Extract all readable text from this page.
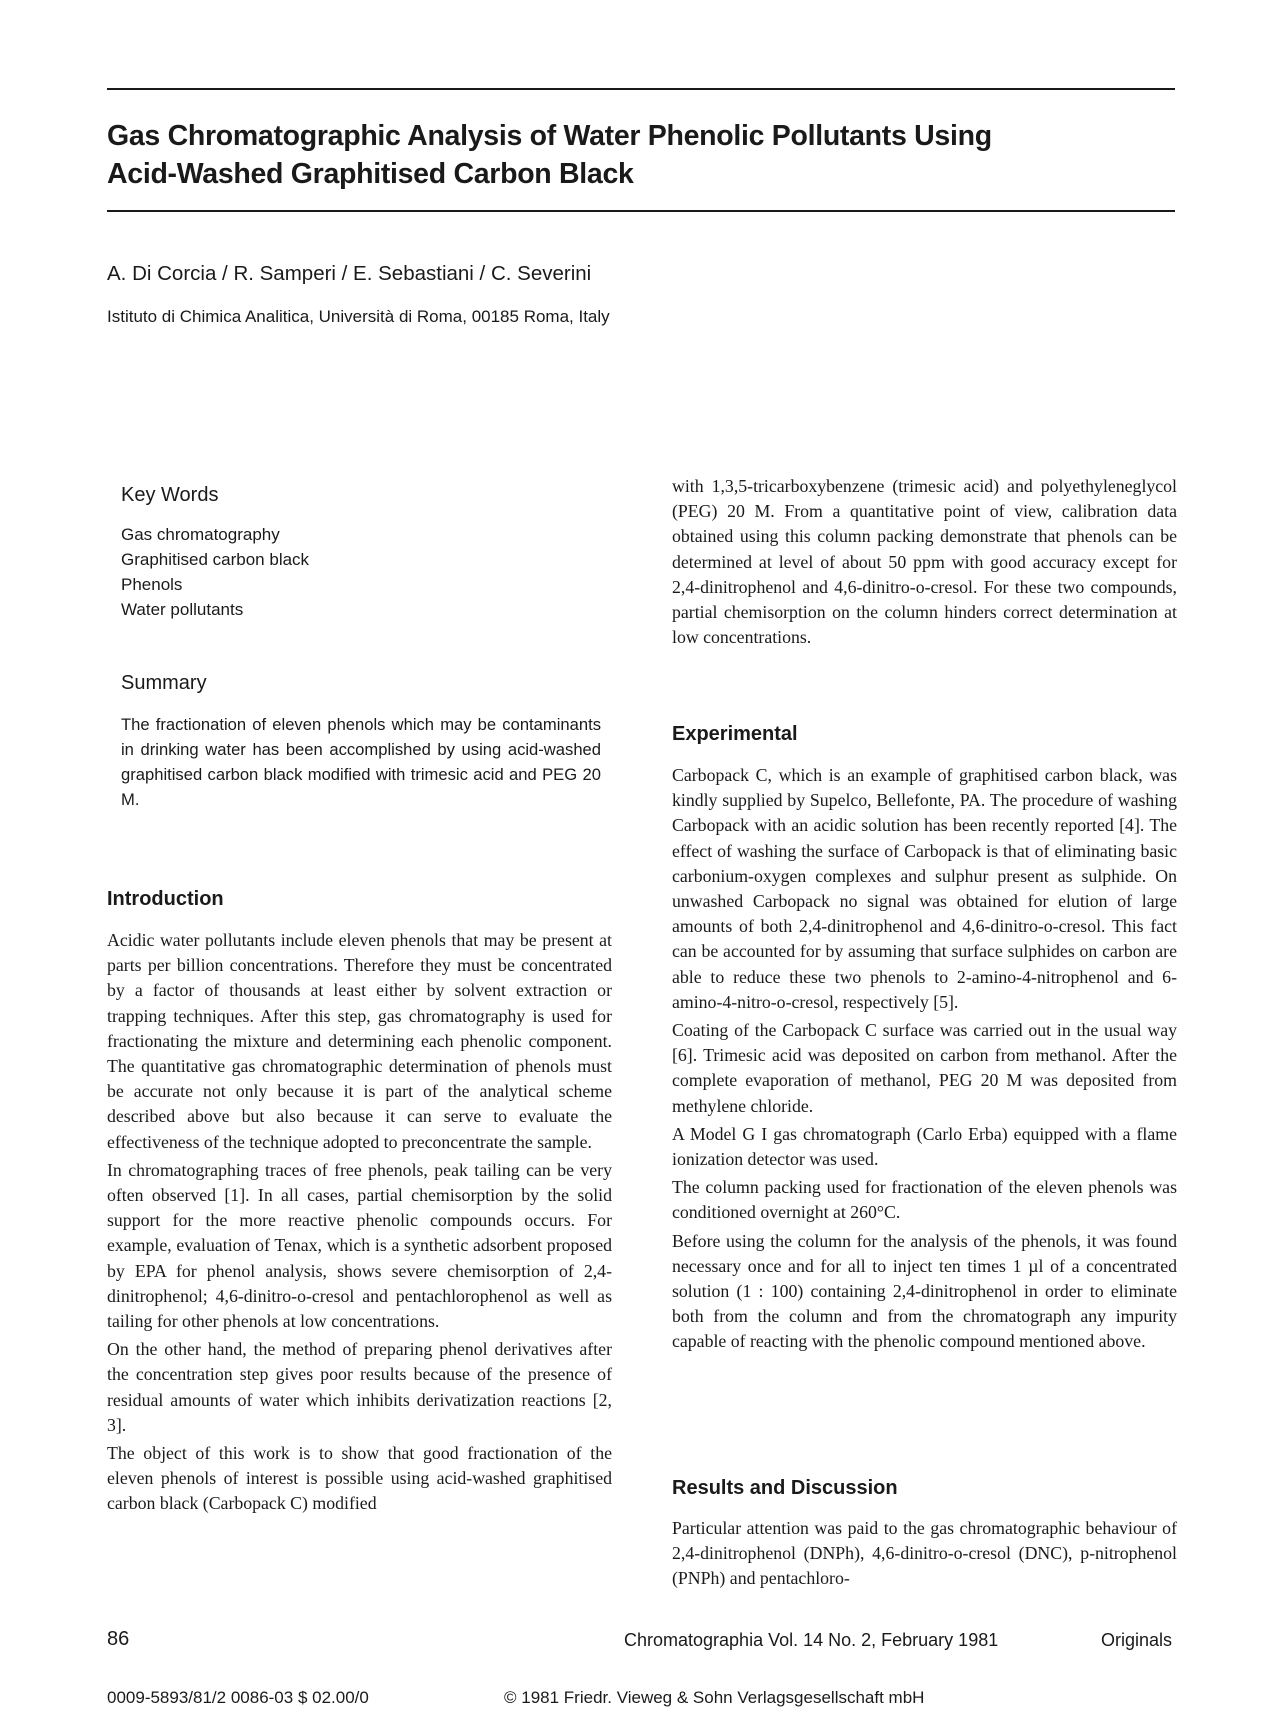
Gas Chromatographic Analysis of Water Phenolic Pollutants Using
Acid-Washed Graphitised Carbon Black

A. Di Corcia / R. Samperi / E. Sebastiani / C. Severini

Istituto di Chimica Analitica, Università di Roma, 00185 Roma, Italy

Key Words
Gas chromatography
Graphitised carbon black
Phenols
Water pollutants
Summary

The fractionation of eleven phenols which may be contaminants in drinking water has been accomplished by using acid-washed graphitised carbon black modified with trimesic acid and PEG 20 M.

Introduction

Acidic water pollutants include eleven phenols that may be present at parts per billion concentrations. Therefore they must be concentrated by a factor of thousands at least either by solvent extraction or trapping techniques. After this step, gas chromatography is used for fractionating the mixture and determining each phenolic component. The quantitative gas chromatographic determination of phenols must be accurate not only because it is part of the analytical scheme described above but also because it can serve to evaluate the effectiveness of the technique adopted to preconcentrate the sample.

In chromatographing traces of free phenols, peak tailing can be very often observed [1]. In all cases, partial chemisorption by the solid support for the more reactive phenolic compounds occurs. For example, evaluation of Tenax, which is a synthetic adsorbent proposed by EPA for phenol analysis, shows severe chemisorption of 2,4-dinitrophenol; 4,6-dinitro-o-cresol and pentachlorophenol as well as tailing for other phenols at low concentrations.

On the other hand, the method of preparing phenol derivatives after the concentration step gives poor results because of the presence of residual amounts of water which inhibits derivatization reactions [2, 3].

The object of this work is to show that good fractionation of the eleven phenols of interest is possible using acid-washed graphitised carbon black (Carbopack C) modified

with 1,3,5-tricarboxybenzene (trimesic acid) and polyethyleneglycol (PEG) 20 M. From a quantitative point of view, calibration data obtained using this column packing demonstrate that phenols can be determined at level of about 50 ppm with good accuracy except for 2,4-dinitrophenol and 4,6-dinitro-o-cresol. For these two compounds, partial chemisorption on the column hinders correct determination at low concentrations.

Experimental

Carbopack C, which is an example of graphitised carbon black, was kindly supplied by Supelco, Bellefonte, PA. The procedure of washing Carbopack with an acidic solution has been recently reported [4]. The effect of washing the surface of Carbopack is that of eliminating basic carbonium-oxygen complexes and sulphur present as sulphide. On unwashed Carbopack no signal was obtained for elution of large amounts of both 2,4-dinitrophenol and 4,6-dinitro-o-cresol. This fact can be accounted for by assuming that surface sulphides on carbon are able to reduce these two phenols to 2-amino-4-nitrophenol and 6-amino-4-nitro-o-cresol, respectively [5].

Coating of the Carbopack C surface was carried out in the usual way [6]. Trimesic acid was deposited on carbon from methanol. After the complete evaporation of methanol, PEG 20 M was deposited from methylene chloride.

A Model G I gas chromatograph (Carlo Erba) equipped with a flame ionization detector was used.

The column packing used for fractionation of the eleven phenols was conditioned overnight at 260°C.

Before using the column for the analysis of the phenols, it was found necessary once and for all to inject ten times 1 µl of a concentrated solution (1 : 100) containing 2,4-dinitrophenol in order to eliminate both from the column and from the chromatograph any impurity capable of reacting with the phenolic compound mentioned above.

Results and Discussion

Particular attention was paid to the gas chromatographic behaviour of 2,4-dinitrophenol (DNPh), 4,6-dinitro-o-cresol (DNC), p-nitrophenol (PNPh) and pentachloro-

86	Chromatographia Vol. 14 No. 2, February 1981	Originals

0009-5893/81/2 0086-03 $ 02.00/0	© 1981 Friedr. Vieweg & Sohn Verlagsgesellschaft mbH
